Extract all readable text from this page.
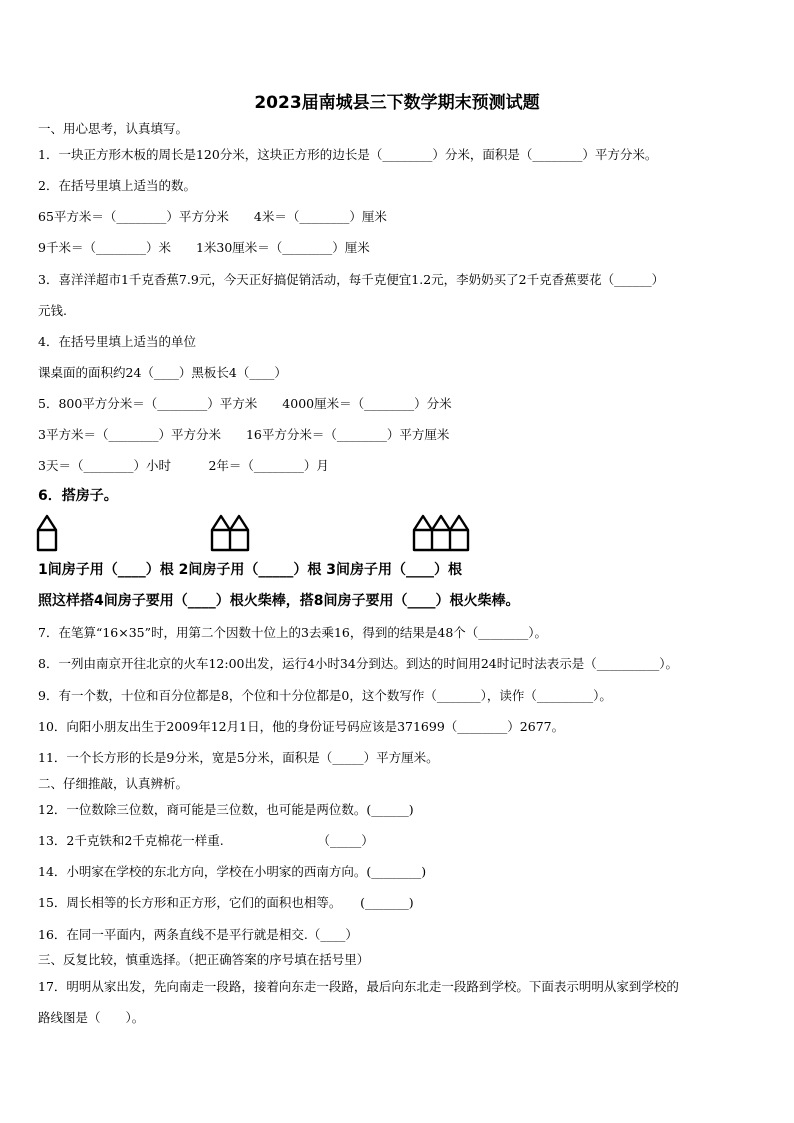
2023届南城县三下数学期末预测试题
一、用心思考，认真填写。
1．一块正方形木板的周长是120分米，这块正方形的边长是（________）分米，面积是（________）平方分米。
2．在括号里填上适当的数。
65平方米＝（________）平方分米　　4米＝（________）厘米
9千米＝（________）米　　1米30厘米＝（________）厘米
3．喜洋洋超市1千克香蕉7.9元，今天正好搞促销活动，每千克便宜1.2元，李奶奶买了2千克香蕉要花（______）
元钱.
4．在括号里填上适当的单位
课桌面的面积约24（____）黑板长4（____）
5．800平方分米＝（________）平方米　　4000厘米＝（________）分米
3平方米＝（________）平方分米　　16平方分米＝（________）平方厘米
3天＝（________）小时　　　2年＝（________）月
6．搭房子。
1间房子用（____）根 2间房子用（_____）根 3间房子用（____）根
照这样搭4间房子要用（____）根火柴棒，搭8间房子要用（____）根火柴棒。
7．在笔算“16×35”时，用第二个因数十位上的3去乘16，得到的结果是48个（________）。
8．一列由南京开往北京的火车12:00出发，运行4小时34分到达。到达的时间用24时记时法表示是（__________）。
9．有一个数，十位和百分位都是8，个位和十分位都是0，这个数写作（_______），读作（_________）。
10．向阳小朋友出生于2009年12月1日，他的身份证号码应该是371699（________）2677。
11．一个长方形的长是9分米，宽是5分米，面积是（_____）平方厘米。
二、仔细推敲，认真辨析。
12．一位数除三位数，商可能是三位数，也可能是两位数。(______)
13．2千克铁和2千克棉花一样重.　　　　　　　　（_____）
14．小明家在学校的东北方向，学校在小明家的西南方向。(________)
15．周长相等的长方形和正方形，它们的面积也相等。　　(_______)
16．在同一平面内，两条直线不是平行就是相交.（____）
三、反复比较，慎重选择。（把正确答案的序号填在括号里）
17．明明从家出发，先向南走一段路，接着向东走一段路，最后向东北走一段路到学校。下面表示明明从家到学校的
路线图是（　　）。
